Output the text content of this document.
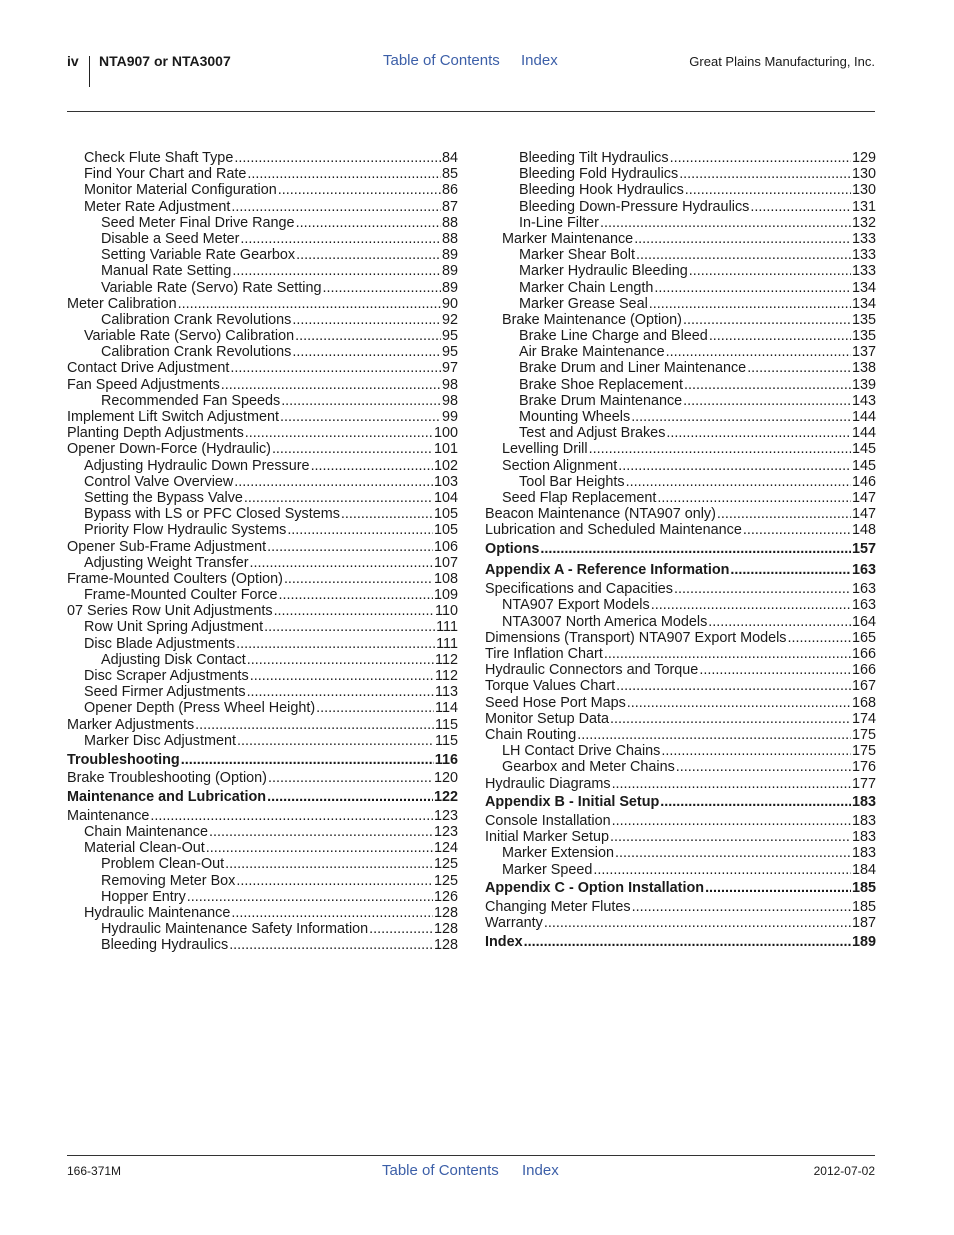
iv NTA907 or NTA3007	Table of Contents Index	Great Plains Manufacturing, Inc.
Check Flute Shaft Type .....	84
Find Your Chart and Rate .....	85
Monitor Material Configuration .....	86
Meter Rate Adjustment .....	87
Seed Meter Final Drive Range .....	88
Disable a Seed Meter .....	88
Setting Variable Rate Gearbox .....	89
Manual Rate Setting .....	89
Variable Rate (Servo) Rate Setting .....	89
Meter Calibration .....	90
Calibration Crank Revolutions .....	92
Variable Rate (Servo) Calibration .....	95
Calibration Crank Revolutions .....	95
Contact Drive Adjustment .....	97
Fan Speed Adjustments .....	98
Recommended Fan Speeds .....	98
Implement Lift Switch Adjustment .....	99
Planting Depth Adjustments .....	100
Opener Down-Force (Hydraulic) .....	101
Adjusting Hydraulic Down Pressure .....	102
Control Valve Overview .....	103
Setting the Bypass Valve .....	104
Bypass with LS or PFC Closed Systems .....	105
Priority Flow Hydraulic Systems .....	105
Opener Sub-Frame Adjustment .....	106
Adjusting Weight Transfer .....	107
Frame-Mounted Coulters (Option) .....	108
Frame-Mounted Coulter Force .....	109
07 Series Row Unit Adjustments .....	110
Row Unit Spring Adjustment .....	111
Disc Blade Adjustments .....	111
Adjusting Disk Contact .....	112
Disc Scraper Adjustments .....	112
Seed Firmer Adjustments .....	113
Opener Depth (Press Wheel Height) .....	114
Marker Adjustments .....	115
Marker Disc Adjustment .....	115
Troubleshooting .....	116
Brake Troubleshooting (Option) .....	120
Maintenance and Lubrication .....	122
Maintenance .....	123
Chain Maintenance .....	123
Material Clean-Out .....	124
Problem Clean-Out .....	125
Removing Meter Box .....	125
Hopper Entry .....	126
Hydraulic Maintenance .....	128
Hydraulic Maintenance Safety Information .....	128
Bleeding Hydraulics .....	128
Bleeding Tilt Hydraulics .....	129
Bleeding Fold Hydraulics .....	130
Bleeding Hook Hydraulics .....	130
Bleeding Down-Pressure Hydraulics .....	131
In-Line Filter .....	132
Marker Maintenance .....	133
Marker Shear Bolt .....	133
Marker Hydraulic Bleeding .....	133
Marker Chain Length .....	134
Marker Grease Seal .....	134
Brake Maintenance (Option) .....	135
Brake Line Charge and Bleed .....	135
Air Brake Maintenance .....	137
Brake Drum and Liner Maintenance .....	138
Brake Shoe Replacement .....	139
Brake Drum Maintenance .....	143
Mounting Wheels .....	144
Test and Adjust Brakes .....	144
Levelling Drill .....	145
Section Alignment .....	145
Tool Bar Heights .....	146
Seed Flap Replacement .....	147
Beacon Maintenance (NTA907 only) .....	147
Lubrication and Scheduled Maintenance .....	148
Options .....	157
Appendix A - Reference Information .....	163
Specifications and Capacities .....	163
NTA907 Export Models .....	163
NTA3007 North America Models .....	164
Dimensions (Transport) NTA907 Export Models .....	165
Tire Inflation Chart .....	166
Hydraulic Connectors and Torque .....	166
Torque Values Chart .....	167
Seed Hose Port Maps .....	168
Monitor Setup Data .....	174
Chain Routing .....	175
LH Contact Drive Chains .....	175
Gearbox and Meter Chains .....	176
Hydraulic Diagrams .....	177
Appendix B - Initial Setup .....	183
Console Installation .....	183
Initial Marker Setup .....	183
Marker Extension .....	183
Marker Speed .....	184
Appendix C - Option Installation .....	185
Changing Meter Flutes .....	185
Warranty .....	187
Index .....	189
166-371M	Table of Contents Index	2012-07-02
